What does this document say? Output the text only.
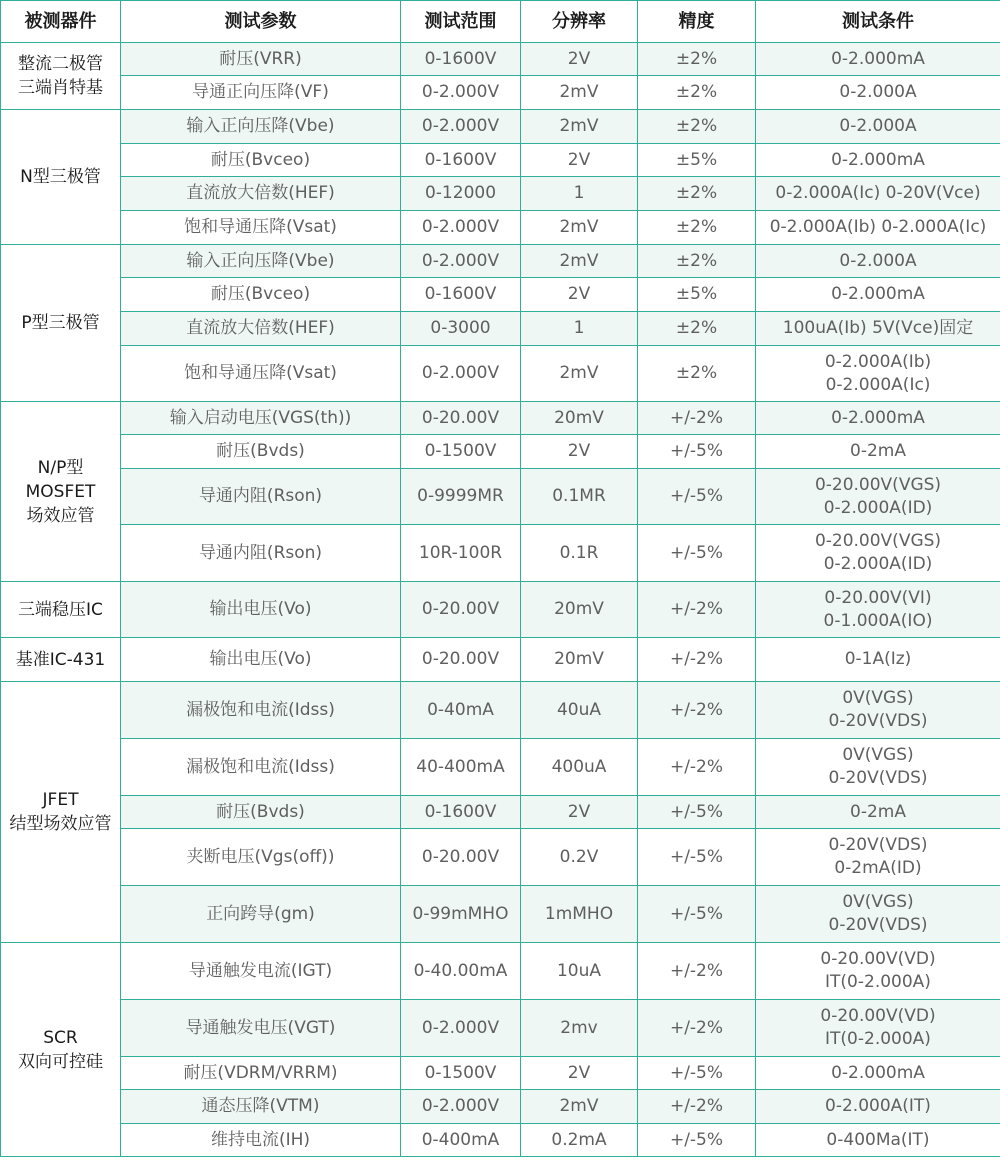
被测器件	测试参数	测试范围	分辨率	精度	测试条件

整流二极管
三端肖特基	耐压(VRR)	0-1600V	2V	±2%	0-2.000mA

	导通正向压降(VF)	0-2.000V	2mV	±2%	0-2.000A

N型三极管	输入正向压降(Vbe)	0-2.000V	2mV	±2%	0-2.000A

	耐压(Bvceo)	0-1600V	2V	±5%	0-2.000mA

	直流放大倍数(HEF)	0-12000	1	±2%	0-2.000A(Ic) 0-20V(Vce)

	饱和导通压降(Vsat)	0-2.000V	2mV	±2%	0-2.000A(Ib) 0-2.000A(Ic)

P型三极管	输入正向压降(Vbe)	0-2.000V	2mV	±2%	0-2.000A

	耐压(Bvceo)	0-1600V	2V	±5%	0-2.000mA

	直流放大倍数(HEF)	0-3000	1	±2%	100uA(Ib) 5V(Vce)固定

	饱和导通压降(Vsat)	0-2.000V	2mV	±2%	0-2.000A(Ib)
0-2.000A(Ic)

N/P型
MOSFET
场效应管	输入启动电压(VGS(th))	0-20.00V	20mV	+/-2%	0-2.000mA

	耐压(Bvds)	0-1500V	2V	+/-5%	0-2mA

	导通内阻(Rson)	0-9999MR	0.1MR	+/-5%	0-20.00V(VGS)
0-2.000A(ID)

	导通内阻(Rson)	10R-100R	0.1R	+/-5%	0-20.00V(VGS)
0-2.000A(ID)

三端稳压IC	输出电压(Vo)	0-20.00V	20mV	+/-2%	0-20.00V(VI)
0-1.000A(IO)

基准IC-431	输出电压(Vo)	0-20.00V	20mV	+/-2%	0-1A(Iz)

JFET
结型场效应管	漏极饱和电流(Idss)	0-40mA	40uA	+/-2%	0V(VGS)
0-20V(VDS)

	漏极饱和电流(Idss)	40-400mA	400uA	+/-2%	0V(VGS)
0-20V(VDS)

	耐压(Bvds)	0-1600V	2V	+/-5%	0-2mA

	夹断电压(Vgs(off))	0-20.00V	0.2V	+/-5%	0-20V(VDS)
0-2mA(ID)

	正向跨导(gm)	0-99mMHO	1mMHO	+/-5%	0V(VGS)
0-20V(VDS)

SCR
双向可控硅	导通触发电流(IGT)	0-40.00mA	10uA	+/-2%	0-20.00V(VD)
IT(0-2.000A)

	导通触发电压(VGT)	0-2.000V	2mv	+/-2%	0-20.00V(VD)
IT(0-2.000A)

	耐压(VDRM/VRRM)	0-1500V	2V	+/-5%	0-2.000mA

	通态压降(VTM)	0-2.000V	2mV	+/-2%	0-2.000A(IT)

	维持电流(IH)	0-400mA	0.2mA	+/-5%	0-400Ma(IT)
